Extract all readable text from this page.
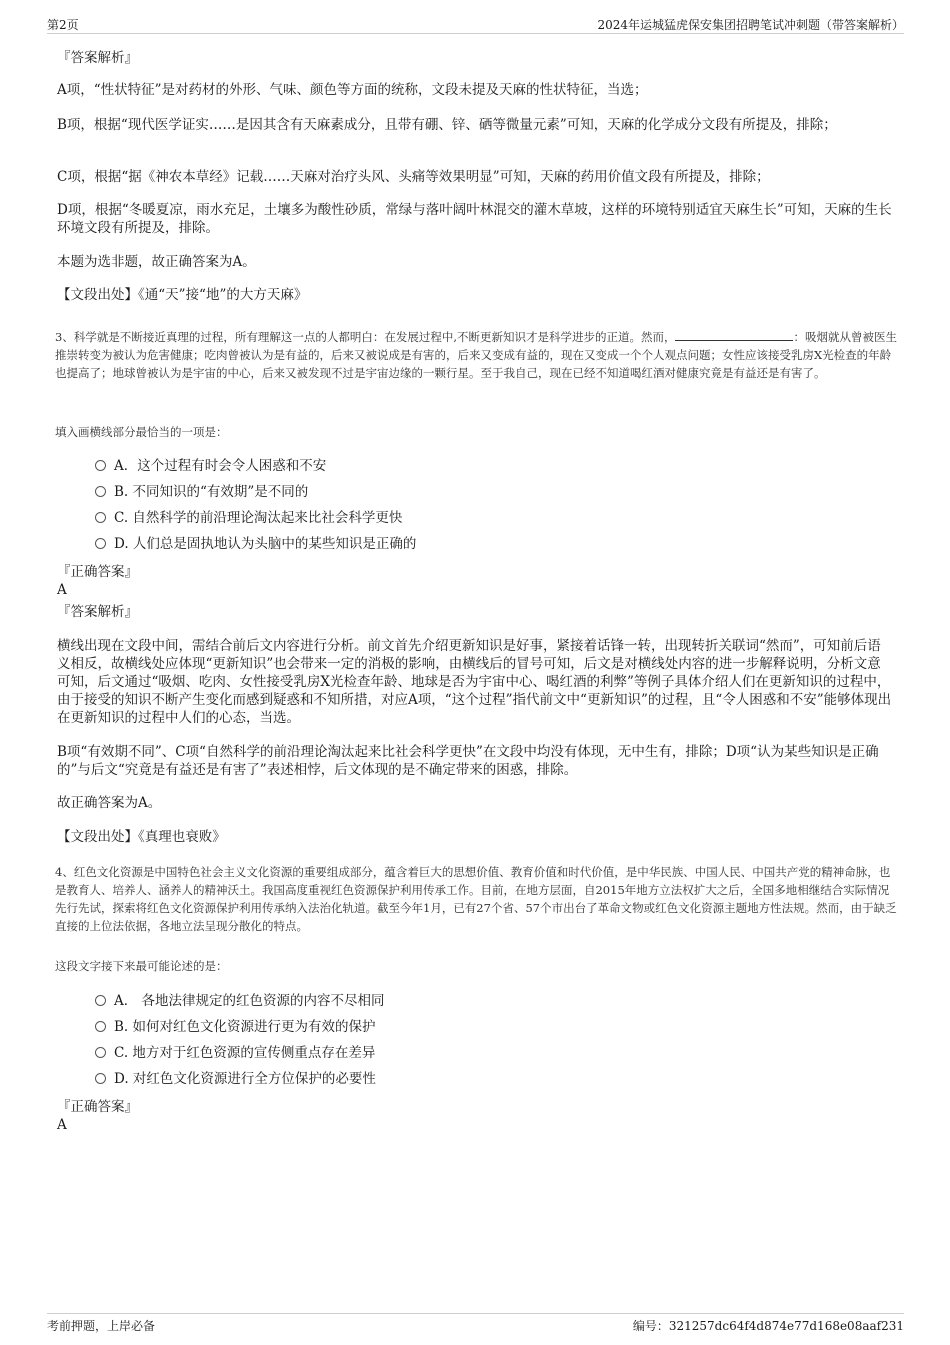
第2页	2024年运城猛虎保安集团招聘笔试冲刺题（带答案解析）
『答案解析』
A项，“性状特征”是对药材的外形、气味、颜色等方面的统称，文段未提及天麻的性状特征，当选；
B项，根据“现代医学证实……是因其含有天麻素成分，且带有硼、锌、硒等微量元素”可知，天麻的化学成分文段有所提及，排除；
C项，根据“据《神农本草经》记载……天麻对治疗头风、头痛等效果明显”可知，天麻的药用价值文段有所提及，排除；
D项，根据“冬暖夏凉，雨水充足，土壤多为酸性砂质，常绿与落叶阔叶林混交的灌木草坡，这样的环境特别适宜天麻生长”可知，天麻的生长环境文段有所提及，排除。
本题为选非题，故正确答案为A。
【文段出处】《通“天”接“地”的大方天麻》
3、科学就是不断接近真理的过程，所有理解这一点的人都明白：在发展过程中,不断更新知识才是科学进步的正道。然而，	：吸烟就从曾被医生推崇转变为被认为危害健康；吃肉曾被认为是有益的，后来又被说成是有害的，后来又变成有益的，现在又变成一个个人观点问题；女性应该接受乳房X光检查的年龄也提高了；地球曾被认为是宇宙的中心，后来又被发现不过是宇宙边缘的一颗行星。至于我自己，现在已经不知道喝红酒对健康究竟是有益还是有害了。
填入画横线部分最恰当的一项是：
A．这个过程有时会令人困惑和不安
B. 不同知识的“有效期”是不同的
C. 自然科学的前沿理论淘汰起来比社会科学更快
D. 人们总是固执地认为头脑中的某些知识是正确的
『正确答案』
A
『答案解析』
横线出现在文段中间，需结合前后文内容进行分析。前文首先介绍更新知识是好事，紧接着话锋一转，出现转折关联词“然而”，可知前后语义相反，故横线处应体现“更新知识”也会带来一定的消极的影响，由横线后的冒号可知，后文是对横线处内容的进一步解释说明，分析文意可知，后文通过“吸烟、吃肉、女性接受乳房X光检查年龄、地球是否为宇宙中心、喝红酒的利弊”等例子具体介绍人们在更新知识的过程中，由于接受的知识不断产生变化而感到疑惑和不知所措，对应A项，“这个过程”指代前文中“更新知识”的过程，且“令人困惑和不安”能够体现出在更新知识的过程中人们的心态，当选。
B项“有效期不同”、C项“自然科学的前沿理论淘汰起来比社会科学更快”在文段中均没有体现，无中生有，排除；D项“认为某些知识是正确的”与后文“究竟是有益还是有害了”表述相悖，后文体现的是不确定带来的困惑，排除。
故正确答案为A。
【文段出处】《真理也衰败》
4、红色文化资源是中国特色社会主义文化资源的重要组成部分，蕴含着巨大的思想价值、教育价值和时代价值，是中华民族、中国人民、中国共产党的精神命脉，也是教育人、培养人、涵养人的精神沃土。我国高度重视红色资源保护利用传承工作。目前，在地方层面，自2015年地方立法权扩大之后，全国多地相继结合实际情况先行先试，探索将红色文化资源保护利用传承纳入法治化轨道。截至今年1月，已有27个省、57个市出台了革命文物或红色文化资源主题地方性法规。然而，由于缺乏直接的上位法依据，各地立法呈现分散化的特点。
这段文字接下来最可能论述的是：
A． 各地法律规定的红色资源的内容不尽相同
B. 如何对红色文化资源进行更为有效的保护
C. 地方对于红色资源的宣传侧重点存在差异
D. 对红色文化资源进行全方位保护的必要性
『正确答案』
A
考前押题，上岸必备	编号：321257dc64f4d874e77d168e08aaf231
